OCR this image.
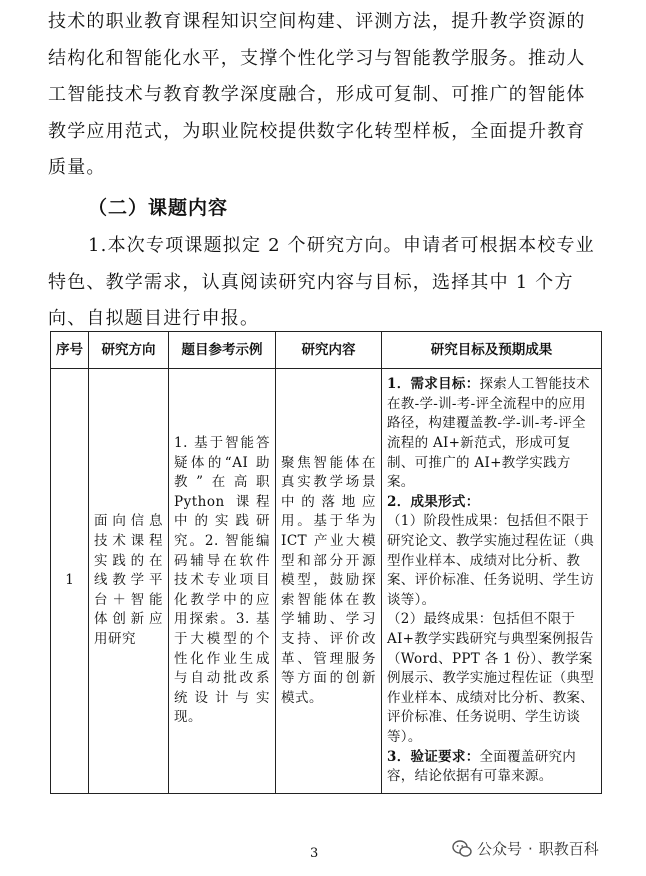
技术的职业教育课程知识空间构建、评测方法，提升教学资源的

结构化和智能化水平，支撑个性化学习与智能教学服务。推动人

工智能技术与教育教学深度融合，形成可复制、可推广的智能体

教学应用范式，为职业院校提供数字化转型样板，全面提升教育

质量。

（二）课题内容
1.本次专项课题拟定 2 个研究方向。申请者可根据本校专业特色、教学需求，认真阅读研究内容与目标，选择其中 1 个方向、自拟题目进行申报。
序号	研究方向	题目参考示例	研究内容	研究目标及预期成果
1	面向信息技术课程实践的在线教学平台＋智能体创新应用研究	1. 基于智能答疑体的“AI 助教”在高职 Python 课程中的实践研究。2. 智能编码辅导在软件技术专业项目化教学中的应用探索。3. 基于大模型的个性化作业生成与自动批改系统设计与实现。	聚焦智能体在真实教学场景中的落地应用。基于华为 ICT 产业大模型和部分开源模型，鼓励探索智能体在教学辅助、学习支持、评价改革、管理服务等方面的创新模式。	1．需求目标：探索人工智能技术在教-学-训-考-评全流程中的应用路径，构建覆盖教-学-训-考-评全流程的 AI+新范式，形成可复制、可推广的 AI+教学实践方案。

2．成果形式：

（1）阶段性成果：包括但不限于研究论文、教学实施过程佐证（典型作业样本、成绩对比分析、教案、评价标准、任务说明、学生访谈等）。

（2）最终成果：包括但不限于 AI+教学实践研究与典型案例报告（Word、PPT 各 1 份）、教学案例展示、教学实施过程佐证（典型作业样本、成绩对比分析、教案、评价标准、任务说明、学生访谈等）。

3．验证要求：全面覆盖研究内容，结论依据有可靠来源。

3	公众号 · 职教百科
